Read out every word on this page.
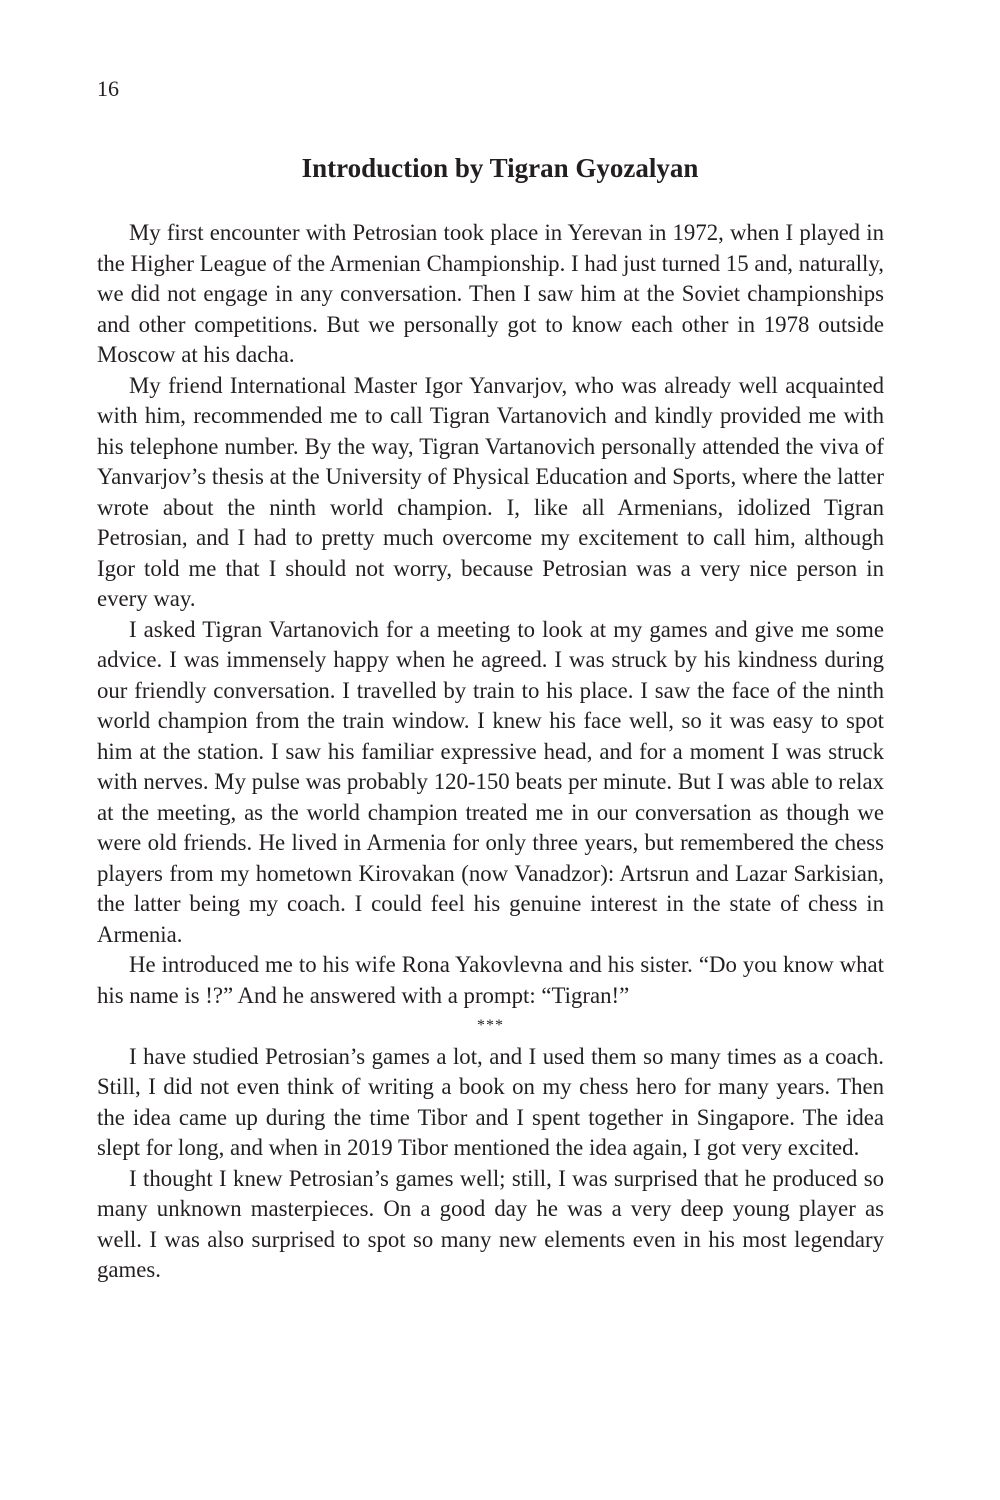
16
Introduction by Tigran Gyozalyan

My first encounter with Petrosian took place in Yerevan in 1972, when I played in the Higher League of the Armenian Championship. I had just turned 15 and, naturally, we did not engage in any conversation. Then I saw him at the Soviet championships and other competitions. But we personally got to know each other in 1978 outside Moscow at his dacha.

My friend International Master Igor Yanvarjov, who was already well acquainted with him, recommended me to call Tigran Vartanovich and kindly provided me with his telephone number. By the way, Tigran Vartanovich personally attended the viva of Yanvarjov’s thesis at the University of Physical Education and Sports, where the latter wrote about the ninth world champion. I, like all Armenians, idolized Tigran Petrosian, and I had to pretty much overcome my excitement to call him, although Igor told me that I should not worry, because Petrosian was a very nice person in every way.

I asked Tigran Vartanovich for a meeting to look at my games and give me some advice. I was immensely happy when he agreed. I was struck by his kindness during our friendly conversation. I travelled by train to his place. I saw the face of the ninth world champion from the train window. I knew his face well, so it was easy to spot him at the station. I saw his familiar expressive head, and for a moment I was struck with nerves. My pulse was probably 120-150 beats per minute. But I was able to relax at the meeting, as the world champion treated me in our conversation as though we were old friends. He lived in Armenia for only three years, but remembered the chess players from my hometown Kirovakan (now Vanadzor): Artsrun and Lazar Sarkisian, the latter being my coach. I could feel his genuine interest in the state of chess in Armenia.

He introduced me to his wife Rona Yakovlevna and his sister. “Do you know what his name is !?” And he answered with a prompt: “Tigran!”

***

I have studied Petrosian’s games a lot, and I used them so many times as a coach. Still, I did not even think of writing a book on my chess hero for many years. Then the idea came up during the time Tibor and I spent together in Singapore. The idea slept for long, and when in 2019 Tibor mentioned the idea again, I got very excited.

I thought I knew Petrosian’s games well; still, I was surprised that he produced so many unknown masterpieces. On a good day he was a very deep young player as well. I was also surprised to spot so many new elements even in his most legendary games.
